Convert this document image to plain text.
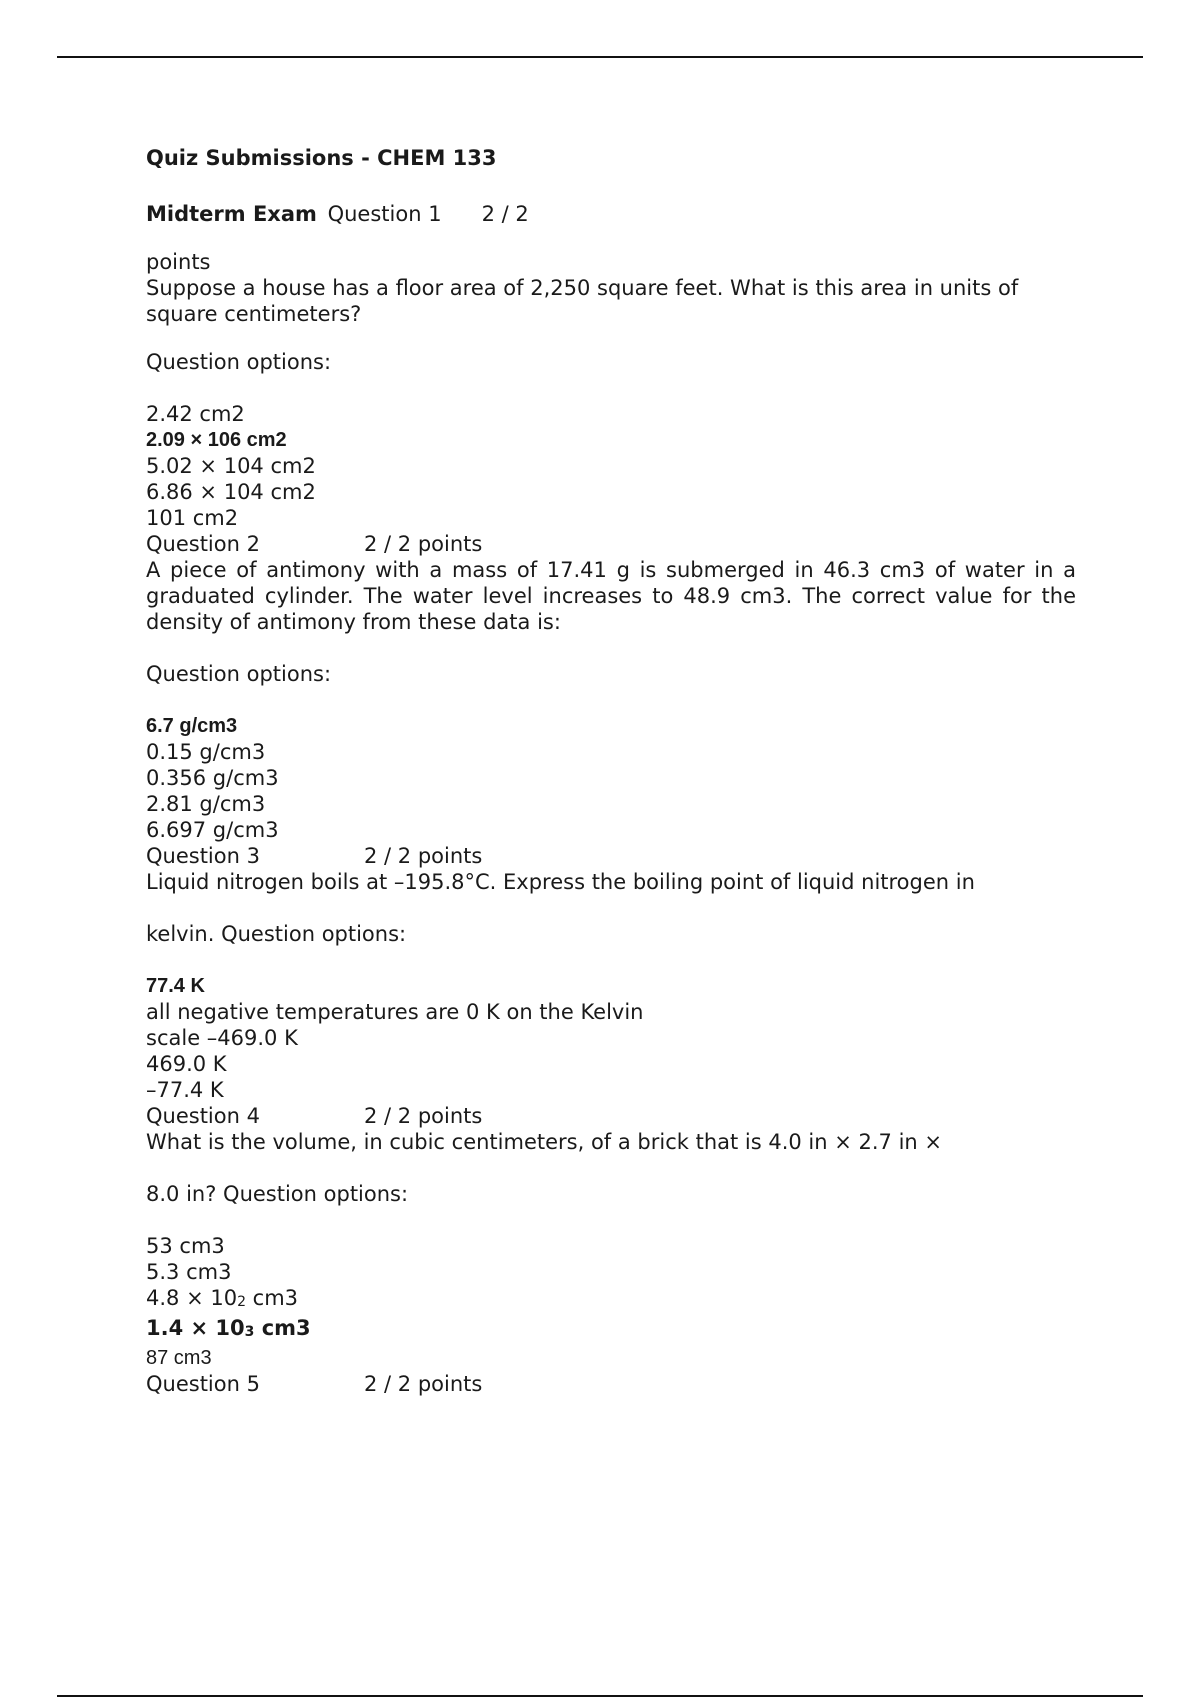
Quiz Submissions - CHEM 133

Midterm Exam Question 1 2 / 2

points

Suppose a house has a floor area of 2,250 square feet. What is this area in units of square centimeters?

Question options:

2.42 cm2

2.09 × 106 cm2

5.02 × 104 cm2

6.86 × 104 cm2

101 cm2

Question 2	2 / 2 points

A piece of antimony with a mass of 17.41 g is submerged in 46.3 cm3 of water in a graduated cylinder. The water level increases to 48.9 cm3. The correct value for the density of antimony from these data is:

Question options:

6.7 g/cm3

0.15 g/cm3

0.356 g/cm3

2.81 g/cm3

6.697 g/cm3

Question 3	2 / 2 points

Liquid nitrogen boils at –195.8°C. Express the boiling point of liquid nitrogen in

kelvin. Question options:

77.4 K

all negative temperatures are 0 K on the Kelvin

scale –469.0 K

469.0 K

–77.4 K

Question 4	2 / 2 points

What is the volume, in cubic centimeters, of a brick that is 4.0 in × 2.7 in ×

8.0 in? Question options:

53 cm3

5.3 cm3

$4.8 \times 10_2$ cm3

$1.4 \times 10_3$ cm3

87 cm3

Question 5	2 / 2 points
